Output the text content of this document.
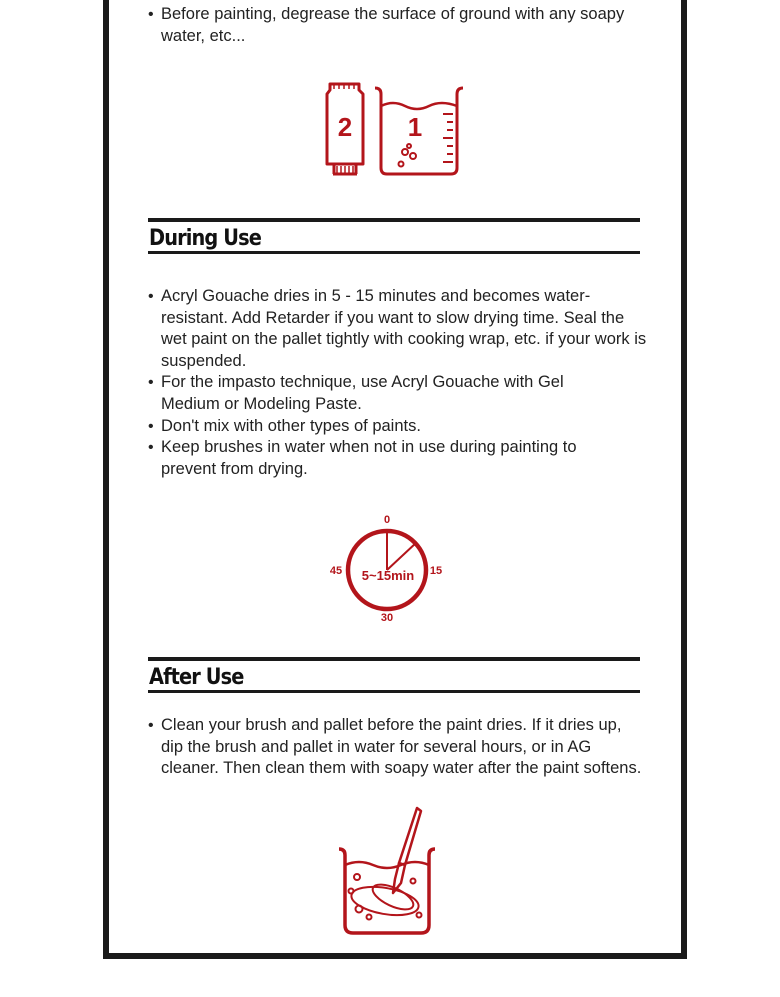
• Before painting, degrease the surface of ground with any soapy water, etc...
2 1
During Use
• Acryl Gouache dries in 5 - 15 minutes and becomes water-resistant. Add Retarder if you want to slow drying time. Seal the wet paint on the pallet tightly with cooking wrap, etc. if your work is suspended.
• For the impasto technique, use Acryl Gouache with Gel Medium or Modeling Paste.
• Don't mix with other types of paints.
• Keep brushes in water when not in use during painting to prevent from drying.
0
15
30
45 5~15min
After Use
• Clean your brush and pallet before the paint dries. If it dries up, dip the brush and pallet in water for several hours, or in AG cleaner. Then clean them with soapy water after the paint softens.
